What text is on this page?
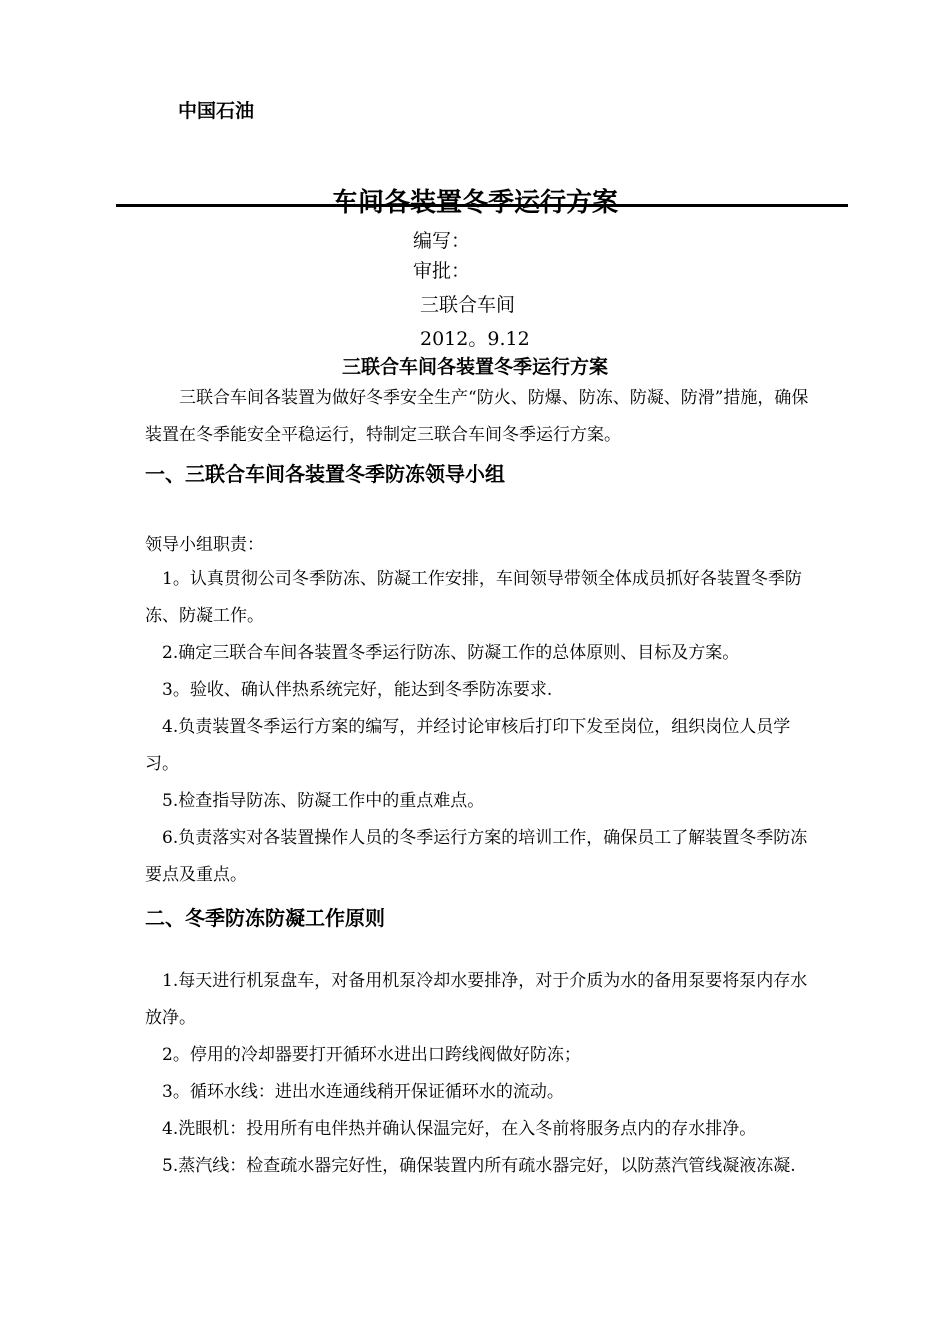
中国石油
车间各装置冬季运行方案
编写：
审批：
三联合车间
2012。9.12
三联合车间各装置冬季运行方案
三联合车间各装置为做好冬季安全生产“防火、防爆、防冻、防凝、防滑”措施，确保装置在冬季能安全平稳运行，特制定三联合车间冬季运行方案。
一、三联合车间各装置冬季防冻领导小组
领导小组职责：
1。认真贯彻公司冬季防冻、防凝工作安排，车间领导带领全体成员抓好各装置冬季防冻、防凝工作。
2.确定三联合车间各装置冬季运行防冻、防凝工作的总体原则、目标及方案。
3。验收、确认伴热系统完好，能达到冬季防冻要求.
4.负责装置冬季运行方案的编写，并经讨论审核后打印下发至岗位，组织岗位人员学习。
5.检查指导防冻、防凝工作中的重点难点。
6.负责落实对各装置操作人员的冬季运行方案的培训工作，确保员工了解装置冬季防冻要点及重点。
二、冬季防冻防凝工作原则
1.每天进行机泵盘车，对备用机泵冷却水要排净，对于介质为水的备用泵要将泵内存水放净。
2。停用的冷却器要打开循环水进出口跨线阀做好防冻；
3。循环水线：进出水连通线稍开保证循环水的流动。
4.洗眼机：投用所有电伴热并确认保温完好，在入冬前将服务点内的存水排净。
5.蒸汽线：检查疏水器完好性，确保装置内所有疏水器完好，以防蒸汽管线凝液冻凝.
